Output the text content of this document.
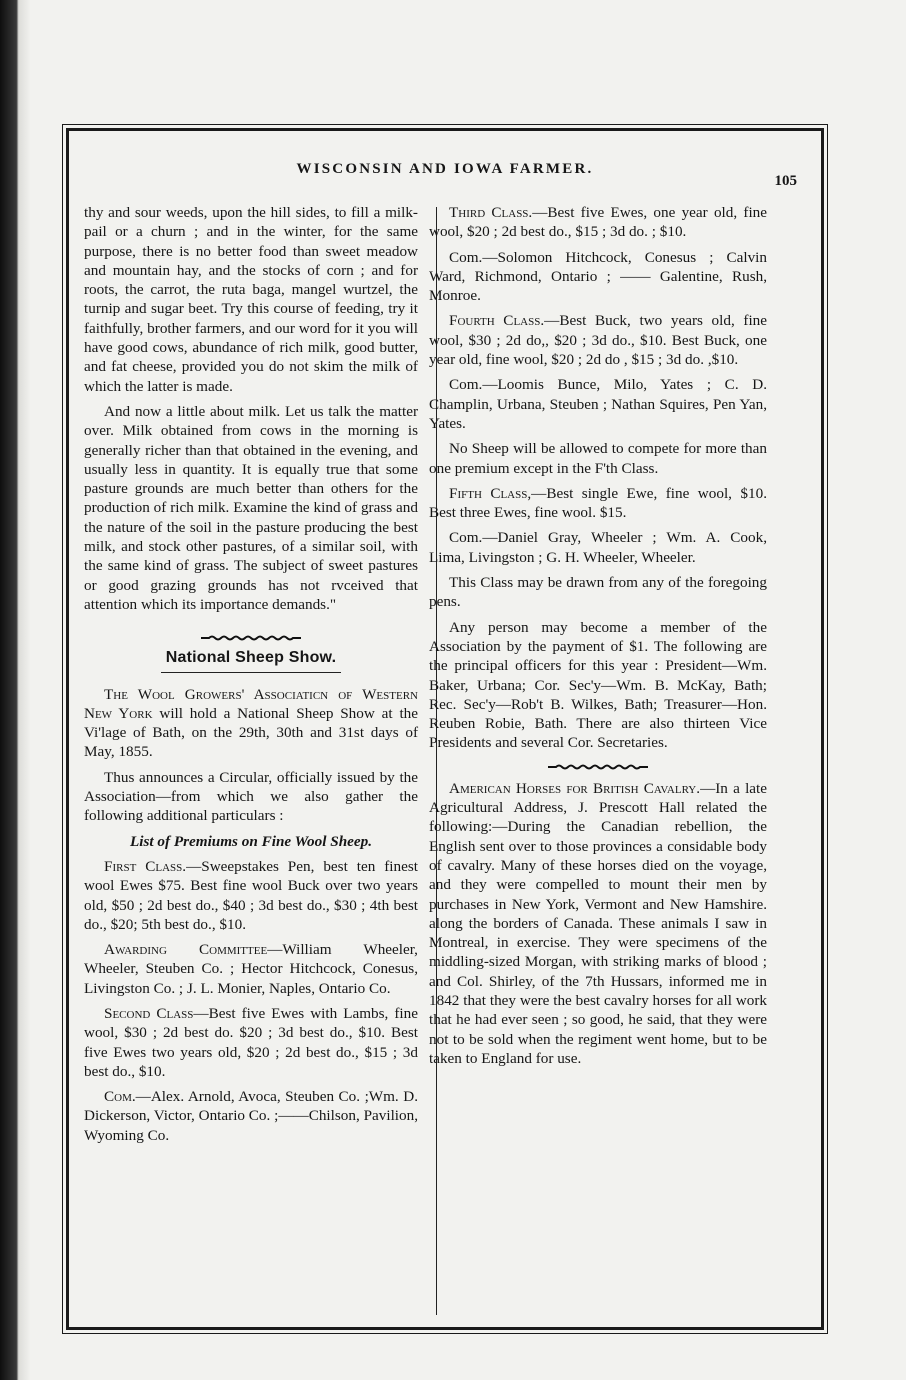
WISCONSIN AND IOWA FARMER.
105

thy and sour weeds, upon the hill sides, to fill a milk-pail or a churn ; and in the winter, for the same purpose, there is no better food than sweet meadow and mountain hay, and the stocks of corn ; and for roots, the carrot, the ruta baga, mangel wurtzel, the turnip and sugar beet. Try this course of feeding, try it faithfully, brother farmers, and our word for it you will have good cows, abundance of rich milk, good butter, and fat cheese, provided you do not skim the milk of which the latter is made.

And now a little about milk. Let us talk the matter over. Milk obtained from cows in the morning is generally richer than that obtained in the evening, and usually less in quantity. It is equally true that some pasture grounds are much better than others for the production of rich milk. Examine the kind of grass and the nature of the soil in the pasture producing the best milk, and stock other pastures, of a similar soil, with the same kind of grass. The subject of sweet pastures or good grazing grounds has not rvceived that attention which its importance demands."

National Sheep Show.

The Wool Growers' Associaticn of Western New York will hold a National Sheep Show at the Vi'lage of Bath, on the 29th, 30th and 31st days of May, 1855.

Thus announces a Circular, officially issued by the Association—from which we also gather the following additional particulars :

List of Premiums on Fine Wool Sheep.

First Class.—Sweepstakes Pen, best ten finest wool Ewes $75. Best fine wool Buck over two years old, $50 ; 2d best do., $40 ; 3d best do., $30 ; 4th best do., $20; 5th best do., $10.

Awarding Committee—William Wheeler, Wheeler, Steuben Co. ; Hector Hitchcock, Conesus, Livingston Co. ; J. L. Monier, Naples, Ontario Co.

Second Class—Best five Ewes with Lambs, fine wool, $30 ; 2d best do. $20 ; 3d best do., $10. Best five Ewes two years old, $20 ; 2d best do., $15 ; 3d best do., $10.

Com.—Alex. Arnold, Avoca, Steuben Co. ;Wm. D. Dickerson, Victor, Ontario Co. ;——Chilson, Pavilion, Wyoming Co.

Third Class.—Best five Ewes, one year old, fine wool, $20 ; 2d best do., $15 ; 3d do. ; $10.

Com.—Solomon Hitchcock, Conesus ; Calvin Ward, Richmond, Ontario ; —— Galentine, Rush, Monroe.

Fourth Class.—Best Buck, two years old, fine wool, $30 ; 2d do,, $20 ; 3d do., $10. Best Buck, one year old, fine wool, $20 ; 2d do , $15 ; 3d do. ,$10.

Com.—Loomis Bunce, Milo, Yates ; C. D. Champlin, Urbana, Steuben ; Nathan Squires, Pen Yan, Yates.

No Sheep will be allowed to compete for more than one premium except in the F'th Class.

Fifth Class,—Best single Ewe, fine wool, $10. Best three Ewes, fine wool. $15.

Com.—Daniel Gray, Wheeler ; Wm. A. Cook, Lima, Livingston ; G. H. Wheeler, Wheeler.

This Class may be drawn from any of the foregoing pens.

Any person may become a member of the Association by the payment of $1. The following are the principal officers for this year : President—Wm. Baker, Urbana; Cor. Sec'y—Wm. B. McKay, Bath; Rec. Sec'y—Rob't B. Wilkes, Bath; Treasurer—Hon. Reuben Robie, Bath. There are also thirteen Vice Presidents and several Cor. Secretaries.

American Horses for British Cavalry.—In a late Agricultural Address, J. Prescott Hall related the following:—During the Canadian rebellion, the English sent over to those provinces a considable body of cavalry. Many of these horses died on the voyage, and they were compelled to mount their men by purchases in New York, Vermont and New Hamshire. along the borders of Canada. These animals I saw in Montreal, in exercise. They were specimens of the middling-sized Morgan, with striking marks of blood ; and Col. Shirley, of the 7th Hussars, informed me in 1842 that they were the best cavalry horses for all work that he had ever seen ; so good, he said, that they were not to be sold when the regiment went home, but to be taken to England for use.
